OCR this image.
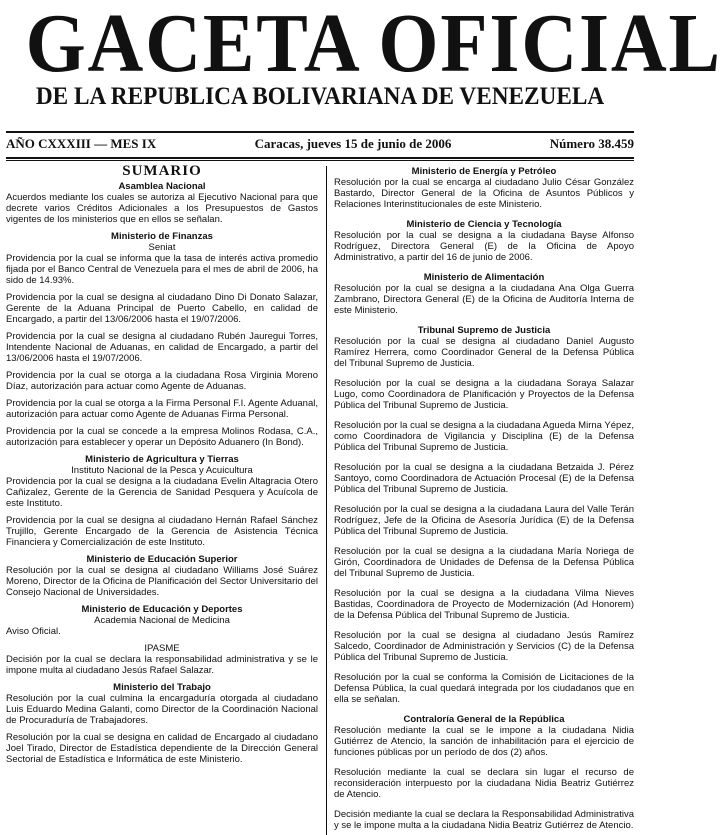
GACETA OFICIAL
DE LA REPUBLICA BOLIVARIANA DE VENEZUELA
AÑO CXXXIII — MES IX	Caracas, jueves 15 de junio de 2006	Número 38.459
SUMARIO
Asamblea Nacional
Acuerdos mediante los cuales se autoriza al Ejecutivo Nacional para que decrete varios Créditos Adicionales a los Presupuestos de Gastos vigentes de los ministerios que en ellos se señalan.
Ministerio de Finanzas
Seniat
Providencia por la cual se informa que la tasa de interés activa promedio fijada por el Banco Central de Venezuela para el mes de abril de 2006, ha sido de 14.93%.
Providencia por la cual se designa al ciudadano Dino Di Donato Salazar, Gerente de la Aduana Principal de Puerto Cabello, en calidad de Encargado, a partir del 13/06/2006 hasta el 19/07/2006.
Providencia por la cual se designa al ciudadano Rubén Jauregui Torres, Intendente Nacional de Aduanas, en calidad de Encargado, a partir del 13/06/2006 hasta el 19/07/2006.
Providencia por la cual se otorga a la ciudadana Rosa Virginia Moreno Díaz, autorización para actuar como Agente de Aduanas.
Providencia por la cual se otorga a la Firma Personal F.I. Agente Aduanal, autorización para actuar como Agente de Aduanas Firma Personal.
Providencia por la cual se concede a la empresa Molinos Rodasa, C.A., autorización para establecer y operar un Depósito Aduanero (In Bond).
Ministerio de Agricultura y Tierras
Instituto Nacional de la Pesca y Acuicultura
Providencia por la cual se designa a la ciudadana Evelin Altagracia Otero Cañizalez, Gerente de la Gerencia de Sanidad Pesquera y Acuícola de este Instituto.
Providencia por la cual se designa al ciudadano Hernán Rafael Sánchez Trujillo, Gerente Encargado de la Gerencia de Asistencia Técnica Financiera y Comercialización de este Instituto.
Ministerio de Educación Superior
Resolución por la cual se designa al ciudadano Williams José Suárez Moreno, Director de la Oficina de Planificación del Sector Universitario del Consejo Nacional de Universidades.
Ministerio de Educación y Deportes
Academia Nacional de Medicina
Aviso Oficial.
IPASME
Decisión por la cual se declara la responsabilidad administrativa y se le impone multa al ciudadano Jesús Rafael Salazar.
Ministerio del Trabajo
Resolución por la cual culmina la encargaduría otorgada al ciudadano Luis Eduardo Medina Galanti, como Director de la Coordinación Nacional de Procuraduría de Trabajadores.
Resolución por la cual se designa en calidad de Encargado al ciudadano Joel Tirado, Director de Estadística dependiente de la Dirección General Sectorial de Estadística e Informática de este Ministerio.
Ministerio de Energía y Petróleo
Resolución por la cual se encarga al ciudadano Julio César González Bastardo, Director General de la Oficina de Asuntos Públicos y Relaciones Interinstitucionales de este Ministerio.
Ministerio de Ciencia y Tecnología
Resolución por la cual se designa a la ciudadana Bayse Alfonso Rodríguez, Directora General (E) de la Oficina de Apoyo Administrativo, a partir del 16 de junio de 2006.
Ministerio de Alimentación
Resolución por la cual se designa a la ciudadana Ana Olga Guerra Zambrano, Directora General (E) de la Oficina de Auditoría Interna de este Ministerio.
Tribunal Supremo de Justicia
Resolución por la cual se designa al ciudadano Daniel Augusto Ramírez Herrera, como Coordinador General de la Defensa Pública del Tribunal Supremo de Justicia.
Resolución por la cual se designa a la ciudadana Soraya Salazar Lugo, como Coordinadora de Planificación y Proyectos de la Defensa Pública del Tribunal Supremo de Justicia.
Resolución por la cual se designa a la ciudadana Agueda Mirna Yépez, como Coordinadora de Vigilancia y Disciplina (E) de la Defensa Pública del Tribunal Supremo de Justicia.
Resolución por la cual se designa a la ciudadana Betzaida J. Pérez Santoyo, como Coordinadora de Actuación Procesal (E) de la Defensa Pública del Tribunal Supremo de Justicia.
Resolución por la cual se designa a la ciudadana Laura del Valle Terán Rodríguez, Jefe de la Oficina de Asesoría Jurídica (E) de la Defensa Pública del Tribunal Supremo de Justicia.
Resolución por la cual se designa a la ciudadana María Noriega de Girón, Coordinadora de Unidades de Defensa de la Defensa Pública del Tribunal Supremo de Justicia.
Resolución por la cual se designa a la ciudadana Vilma Nieves Bastidas, Coordinadora de Proyecto de Modernización (Ad Honorem) de la Defensa Pública del Tribunal Supremo de Justicia.
Resolución por la cual se designa al ciudadano Jesús Ramírez Salcedo, Coordinador de Administración y Servicios (C) de la Defensa Pública del Tribunal Supremo de Justicia.
Resolución por la cual se conforma la Comisión de Licitaciones de la Defensa Pública, la cual quedará integrada por los ciudadanos que en ella se señalan.
Contraloría General de la República
Resolución mediante la cual se le impone a la ciudadana Nidia Gutiérrez de Atencio, la sanción de inhabilitación para el ejercicio de funciones públicas por un período de dos (2) años.
Resolución mediante la cual se declara sin lugar el recurso de reconsideración interpuesto por la ciudadana Nidia Beatriz Gutiérrez de Atencio.
Decisión mediante la cual se declara la Responsabilidad Administrativa y se le impone multa a la ciudadana Nidia Beatriz Gutiérrez de Atencio.
